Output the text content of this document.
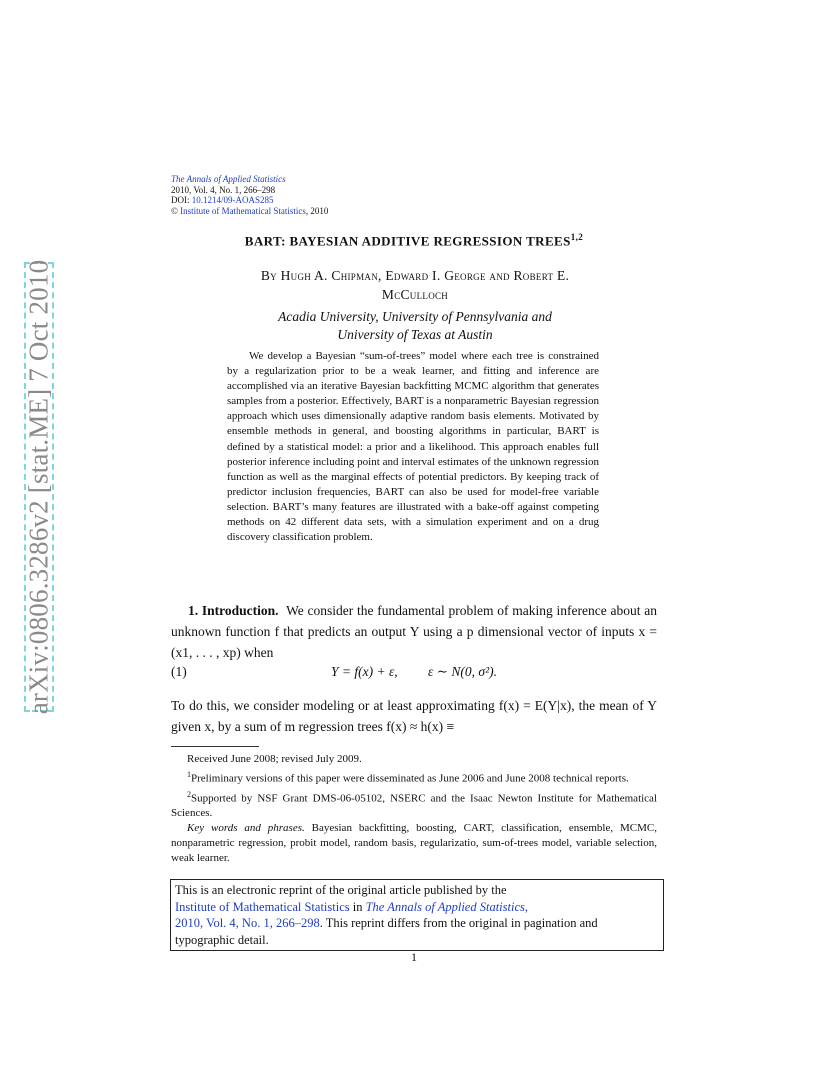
arXiv:0806.3286v2 [stat.ME] 7 Oct 2010
The Annals of Applied Statistics
2010, Vol. 4, No. 1, 266–298
DOI: 10.1214/09-AOAS285
© Institute of Mathematical Statistics, 2010
BART: BAYESIAN ADDITIVE REGRESSION TREES$^{1,2}$
By Hugh A. Chipman, Edward I. George and Robert E.
McCulloch
Acadia University, University of Pennsylvania and
University of Texas at Austin
We develop a Bayesian “sum-of-trees” model where each tree is constrained by a regularization prior to be a weak learner, and fitting and inference are accomplished via an iterative Bayesian backfitting MCMC algorithm that generates samples from a posterior. Effectively, BART is a nonparametric Bayesian regression approach which uses dimensionally adaptive random basis elements. Motivated by ensemble methods in general, and boosting algorithms in particular, BART is defined by a statistical model: a prior and a likelihood. This approach enables full posterior inference including point and interval estimates of the unknown regression function as well as the marginal effects of potential predictors. By keeping track of predictor inclusion frequencies, BART can also be used for model-free variable selection. BART’s many features are illustrated with a bake-off against competing methods on 42 different data sets, with a simulation experiment and on a drug discovery classification problem.
1. Introduction. We consider the fundamental problem of making inference about an unknown function f that predicts an output Y using a p dimensional vector of inputs x = (x1, . . . , xp) when
(1)	Y = f(x) + ε, ε ∼ N(0, σ²).
To do this, we consider modeling or at least approximating f(x) = E(Y|x), the mean of Y given x, by a sum of m regression trees f(x) ≈ h(x) ≡

Received June 2008; revised July 2009.

$^1$Preliminary versions of this paper were disseminated as June 2006 and June 2008 technical reports.

$^2$Supported by NSF Grant DMS-06-05102, NSERC and the Isaac Newton Institute for Mathematical Sciences.

Key words and phrases. Bayesian backfitting, boosting, CART, classification, ensemble, MCMC, nonparametric regression, probit model, random basis, regularizatio, sum-of-trees model, variable selection, weak learner.

This is an electronic reprint of the original article published by the
Institute of Mathematical Statistics in The Annals of Applied Statistics,
2010, Vol. 4, No. 1, 266–298. This reprint differs from the original in pagination and typographic detail.
1
